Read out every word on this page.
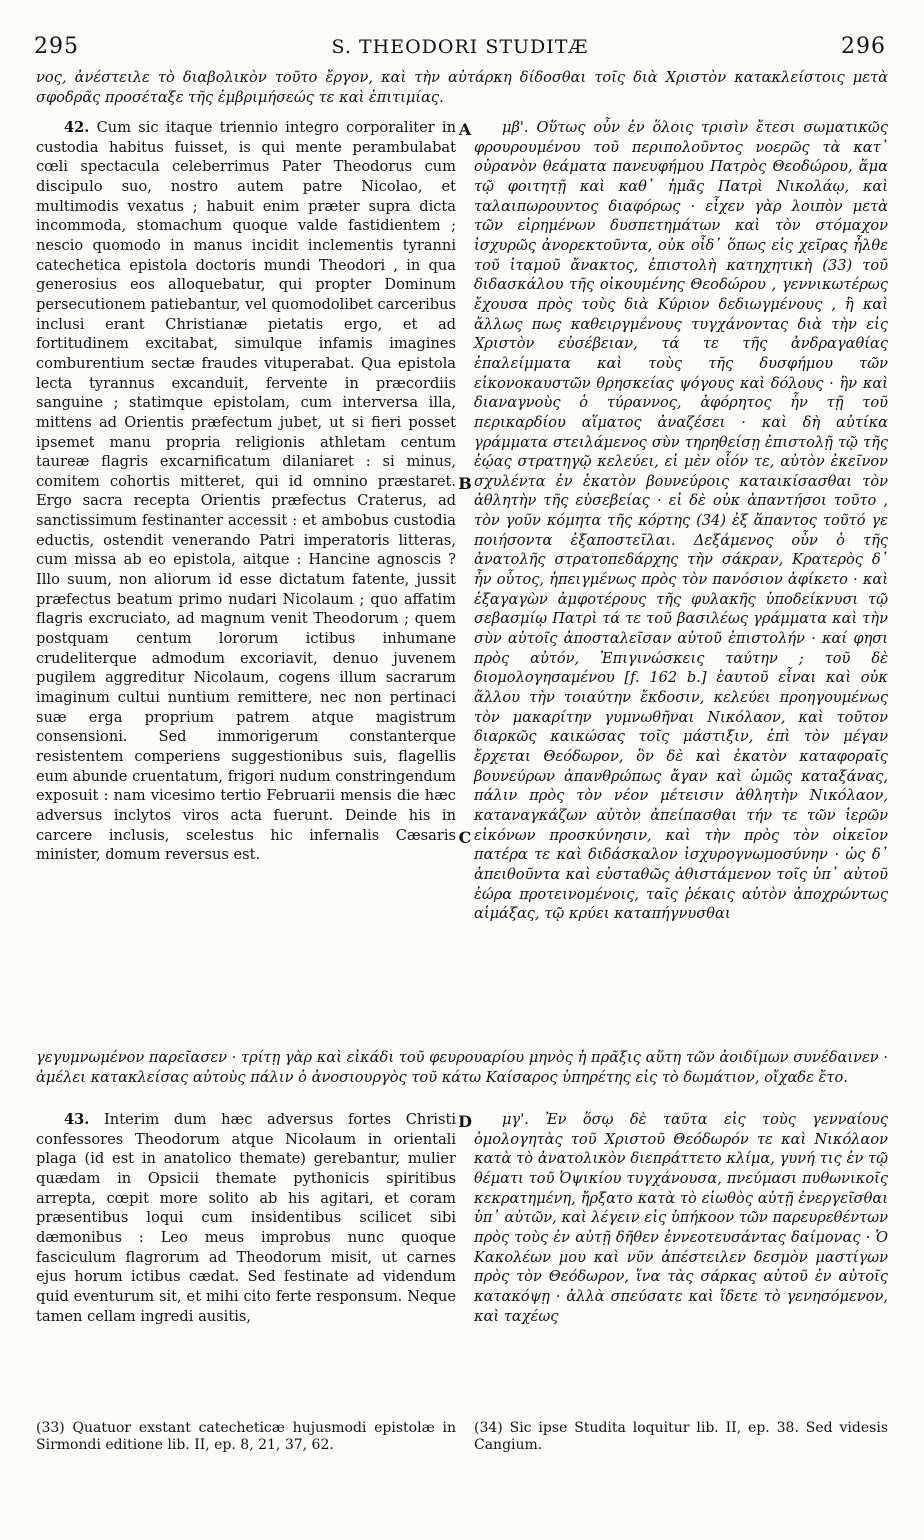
295	S. THEODORI STUDITÆ	296
νος, ἀνέστειλε τὸ διαβολικὸν τοῦτο ἔργον, καὶ τὴν αὐτάρκη δίδοσθαι τοῖς διὰ Χριστὸν κατακλείστοις μετὰ σφοδρᾶς προσέταξε τῆς ἐμβριμήσεώς τε καὶ ἐπιτιμίας.

42. Cum sic itaque triennio integro corporaliter in custodia habitus fuisset, is qui mente perambulabat cœli spectacula celeberrimus Pater Theodorus cum discipulo suo, nostro autem patre Nicolao, et multimodis vexatus ; habuit enim præter supra dicta incommoda, stomachum quoque valde fastidientem ; nescio quomodo in manus incidit inclementis tyranni catechetica epistola doctoris mundi Theodori , in qua generosius eos alloquebatur, qui propter Dominum persecutionem patiebantur, vel quomodolibet carceribus inclusi erant Christianæ pietatis ergo, et ad fortitudinem excitabat, simulque infamis imagines comburentium sectæ fraudes vituperabat. Qua epistola lecta tyrannus excanduit, fervente in præcordiis sanguine ; statimque epistolam, cum interversa illa, mittens ad Orientis præfectum jubet, ut si fieri posset ipsemet manu propria religionis athletam centum taureæ flagris excarnificatum dilaniaret : si minus, comitem cohortis mitteret, qui id omnino præstaret. Ergo sacra recepta Orientis præfectus Craterus, ad sanctissimum festinanter accessit : et ambobus custodia eductis, ostendit venerando Patri imperatoris litteras, cum missa ab eo epistola, aitque : Hancine agnoscis ? Illo suum, non aliorum id esse dictatum fatente, jussit præfectus beatum primo nudari Nicolaum ; quo affatim flagris excruciato, ad magnum venit Theodorum ; quem postquam centum lororum ictibus inhumane crudeliterque admodum excoriavit, denuo juvenem pugilem aggreditur Nicolaum, cogens illum sacrarum imaginum cultui nuntium remittere, nec non pertinaci suæ erga proprium patrem atque magistrum consensioni. Sed immorigerum constanterque resistentem comperiens suggestionibus suis, flagellis eum abunde cruentatum, frigori nudum constringendum exposuit : nam vicesimo tertio Februarii mensis die hæc adversus inclytos viros acta fuerunt. Deinde his in carcere inclusis, scelestus hic infernalis Cæsaris minister, domum reversus est.

μβ'. Οὕτως οὖν ἐν ὅλοις τρισὶν ἔτεσι σωματικῶς φρουρουμένου τοῦ περιπολοῦντος νοερῶς τὰ κατ᾽ οὐρανὸν θεάματα πανευφήμου Πατρὸς Θεοδώρου, ἅμα τῷ φοιτητῇ καὶ καθ᾽ ἡμᾶς Πατρὶ Νικολάῳ, καὶ ταλαιπωρουντος διαφόρως · εἶχεν γὰρ λοιπὸν μετὰ τῶν εἰρημένων δυσπετημάτων καὶ τὸν στόμαχον ἰσχυρῶς ἀνορεκτοῦντα, οὐκ οἶδ᾽ ὅπως εἰς χεῖρας ἦλθε τοῦ ἰταμοῦ ἄνακτος, ἐπιστολὴ κατηχητικὴ (33) τοῦ διδασκάλου τῆς οἰκουμένης Θεοδώρου , γεννικωτέρως ἔχουσα πρὸς τοὺς διὰ Κύριον δεδιωγμένους , ἢ καὶ ἄλλως πως καθειργμένους τυγχάνοντας διὰ τὴν εἰς Χριστὸν εὐσέβειαν, τά τε τῆς ἀνδραγαθίας ἐπαλείμματα καὶ τοὺς τῆς δυσφήμου τῶν εἰκονοκαυστῶν θρησκείας ψόγους καὶ δόλους · ἣν καὶ διαναγνοὺς ὁ τύραννος, ἀφόρητος ἦν τῇ τοῦ περικαρδίου αἵματος ἀναζέσει · καὶ δὴ αὐτίκα γράμματα στειλάμενος σὺν τηρηθείσῃ ἐπιστολῇ τῷ τῆς ἑῴας στρατηγῷ κελεύει, εἰ μὲν οἷόν τε, αὐτὸν ἐκεῖνον σχυλέντα ἐν ἑκατὸν βουνεύροις καταικίσασθαι τὸν ἀθλητὴν τῆς εὐσεβείας · εἰ δὲ οὐκ ἀπαντήσοι τοῦτο , τὸν γοῦν κόμητα τῆς κόρτης (34) ἐξ ἅπαντος τοῦτό γε ποιήσοντα ἐξαποστεῖλαι. Δεξάμενος οὖν ὁ τῆς ἀνατολῆς στρατοπεδάρχης τὴν σάκραν, Κρατερὸς δ᾽ ἦν οὗτος, ἠπειγμένως πρὸς τὸν πανόσιον ἀφίκετο · καὶ ἐξαγαγὼν ἀμφοτέρους τῆς φυλακῆς ὑποδείκνυσι τῷ σεβασμίῳ Πατρὶ τά τε τοῦ βασιλέως γράμματα καὶ τὴν σὺν αὐτοῖς ἀποσταλεῖσαν αὐτοῦ ἐπιστολήν · καί φησι πρὸς αὐτόν, Ἐπιγινώσκεις ταύτην ; τοῦ δὲ διομολογησαμένου [f. 162 b.] ἑαυτοῦ εἶναι καὶ οὐκ ἄλλου τὴν τοιαύτην ἔκδοσιν, κελεύει προηγουμένως τὸν μακαρίτην γυμνωθῆναι Νικόλαον, καὶ τοῦτον διαρκῶς καικώσας τοῖς μάστιξιν, ἐπὶ τὸν μέγαν ἔρχεται Θεόδωρον, ὃν δὲ καὶ ἑκατὸν καταφοραῖς βουνεύρων ἀπανθρώπως ἄγαν καὶ ὠμῶς καταξάνας, πάλιν πρὸς τὸν νέον μέτεισιν ἀθλητὴν Νικόλαον, καταναγκάζων αὐτὸν ἀπείπασθαι τήν τε τῶν ἱερῶν εἰκόνων προσκύνησιν, καὶ τὴν πρὸς τὸν οἰκεῖον πατέρα τε καὶ διδάσκαλον ἰσχυρογνωμοσύνην · ὡς δ᾽ ἀπειθοῦντα καὶ εὐσταθῶς ἀθιστάμενον τοῖς ὑπ᾽ αὐτοῦ ἑώρα προτεινομένοις, ταῖς ῥέκαις αὐτὸν ἀποχρώντως αἱμάξας, τῷ κρύει καταπήγνυσθαι

A
B
C
γεγυμνωμένον παρεῖασεν · τρίτῃ γὰρ καὶ εἰκάδι τοῦ φευρουαρίου μηνὸς ἡ πρᾶξις αὕτη τῶν ἀοιδίμων συνέδαινεν · ἀμέλει κατακλείσας αὐτοὺς πάλιν ὁ ἀνοσιουργὸς τοῦ κάτω Καίσαρος ὑπηρέτης εἰς τὸ δωμάτιον, οἴχαδε ἔτο.

43. Interim dum hæc adversus fortes Christi confessores Theodorum atque Nicolaum in orientali plaga (id est in anatolico themate) gerebantur, mulier quædam in Opsicii themate pythonicis spiritibus arrepta, cœpit more solito ab his agitari, et coram præsentibus loqui cum insidentibus scilicet sibi dæmonibus : Leo meus improbus nunc quoque fasciculum flagrorum ad Theodorum misit, ut carnes ejus horum ictibus cædat. Sed festinate ad videndum quid eventurum sit, et mihi cito ferte responsum. Neque tamen cellam ingredi ausitis,

μγ'. Ἐν ὅσῳ δὲ ταῦτα εἰς τοὺς γενναίους ὁμολογητὰς τοῦ Χριστοῦ Θεόδωρόν τε καὶ Νικόλαον κατὰ τὸ ἀνατολικὸν διεπράττετο κλίμα, γυνή τις ἐν τῷ θέματι τοῦ Ὀψικίου τυγχάνουσα, πνεύμασι πυθωνικοῖς κεκρατημένη, ἤρξατο κατὰ τὸ εἰωθὸς αὐτῇ ἐνεργεῖσθαι ὑπ᾽ αὐτῶν, καὶ λέγειν εἰς ὑπήκοον τῶν παρευρεθέντων πρὸς τοὺς ἐν αὐτῇ δῆθεν ἐννεοτευσάντας δαίμονας · Ὁ Κακολέων μου καὶ νῦν ἀπέστειλεν δεσμὸν μαστίγων πρὸς τὸν Θεόδωρον, ἵνα τὰς σάρκας αὐτοῦ ἐν αὐτοῖς κατακόψῃ · ἀλλὰ σπεύσατε καὶ ἴδετε τὸ γενησόμενον, καὶ ταχέως

D
(33) Quatuor exstant catecheticæ hujusmodi epistolæ in Sirmondi editione lib. II, ep. 8, 21, 37, 62.
(34) Sic ipse Studita loquitur lib. II, ep. 38. Sed videsis Cangium.
